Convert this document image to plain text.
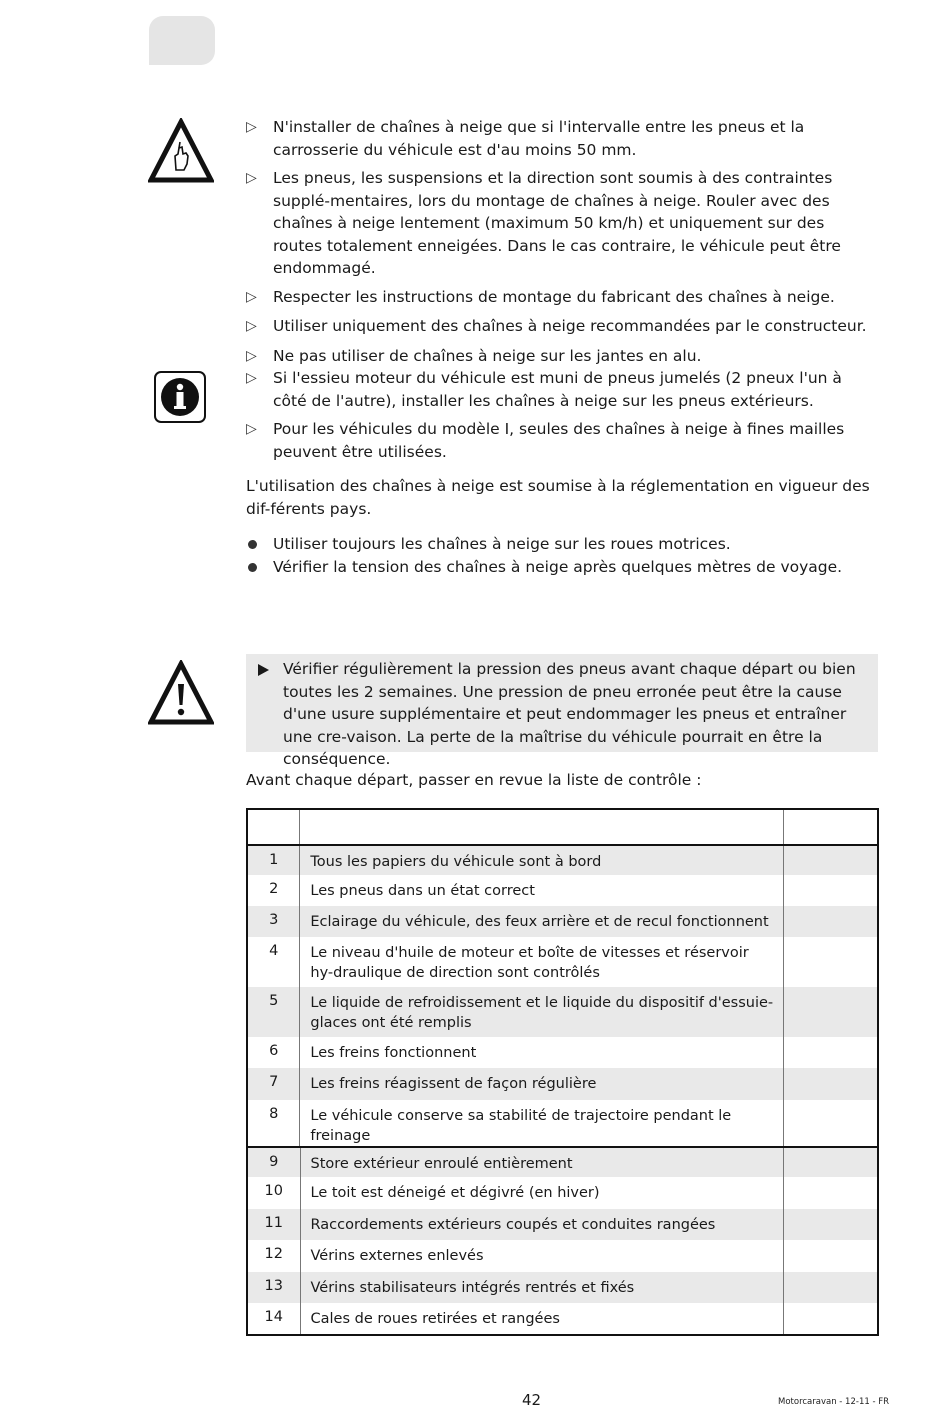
▷ N'installer de chaînes à neige que si l'intervalle entre les pneus et la carrosserie du véhicule est d'au moins 50 mm.
▷ Les pneus, les suspensions et la direction sont soumis à des contraintes supplé-mentaires, lors du montage de chaînes à neige. Rouler avec des chaînes à neige lentement (maximum 50 km/h) et uniquement sur des routes totalement enneigées. Dans le cas contraire, le véhicule peut être endommagé.
▷ Respecter les instructions de montage du fabricant des chaînes à neige.
▷ Utiliser uniquement des chaînes à neige recommandées par le constructeur.
▷ Ne pas utiliser de chaînes à neige sur les jantes en alu.
▷ Si l'essieu moteur du véhicule est muni de pneus jumelés (2 pneux l'un à côté de l'autre), installer les chaînes à neige sur les pneus extérieurs.
▷ Pour les véhicules du modèle I, seules des chaînes à neige à fines mailles peuvent être utilisées.
L'utilisation des chaînes à neige est soumise à la réglementation en vigueur des dif-férents pays.
Utiliser toujours les chaînes à neige sur les roues motrices.
Vérifier la tension des chaînes à neige après quelques mètres de voyage.
Vérifier régulièrement la pression des pneus avant chaque départ ou bien toutes les 2 semaines. Une pression de pneu erronée peut être la cause d'une usure supplémentaire et peut endommager les pneus et entraîner une cre-vaison. La perte de la maîtrise du véhicule pourrait en être la conséquence.
Avant chaque départ, passer en revue la liste de contrôle :

1	Tous les papiers du véhicule sont à bord	
2	Les pneus dans un état correct	
3	Eclairage du véhicule, des feux arrière et de recul fonctionnent	
4	Le niveau d'huile de moteur et boîte de vitesses et réservoir hy-draulique de direction sont contrôlés	
5	Le liquide de refroidissement et le liquide du dispositif d'essuie-glaces ont été remplis	
6	Les freins fonctionnent	
7	Les freins réagissent de façon régulière	
8	Le véhicule conserve sa stabilité de trajectoire pendant le freinage	
9	Store extérieur enroulé entièrement	
10	Le toit est déneigé et dégivré (en hiver)	
11	Raccordements extérieurs coupés et conduites rangées	
12	Vérins externes enlevés	
13	Vérins stabilisateurs intégrés rentrés et fixés	
14	Cales de roues retirées et rangées	
42	Motorcaravan - 12-11 - FR
